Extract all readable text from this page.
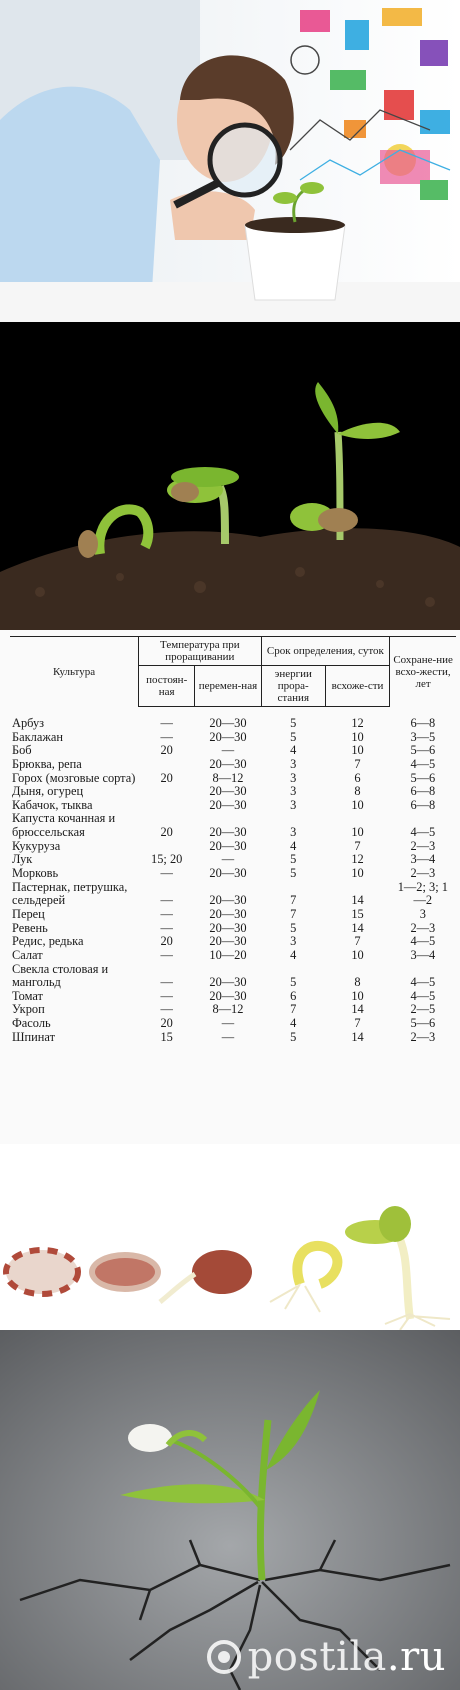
Культура	Температура при проращивании		Срок определения, суток		Сохране-ние всхо-жести, лет
	постоян-ная	перемен-ная	энергии прора-стания	всхоже-сти	

Арбуз	—	20—30	5	12	6—8
Баклажан	—	20—30	5	10	3—5
Боб	20	—	4	10	5—6
Брюква, репа		20—30	3	7	4—5
Горох (мозговые сорта)	20	8—12	3	6	5—6
Дыня, огурец		20—30	3	8	6—8
Кабачок, тыква		20—30	3	10	6—8
Капуста кочанная и брюссельская	20	20—30	3	10	4—5
Кукуруза		20—30	4	7	2—3
Лук	15; 20	—	5	12	3—4
Морковь	—	20—30	5	10	2—3
Пастернак, петрушка, сельдерей	—	20—30	7	14	1—2; 3; 1—2
Перец	—	20—30	7	15	3
Ревень	—	20—30	5	14	2—3
Редис, редька	20	20—30	3	7	4—5
Салат	—	10—20	4	10	3—4
Свекла столовая и мангольд	—	20—30	5	8	4—5
Томат	—	20—30	6	10	4—5
Укроп	—	8—12	7	14	2—5
Фасоль	20	—	4	7	5—6
Шпинат	15	—	5	14	2—3
postila.ru
